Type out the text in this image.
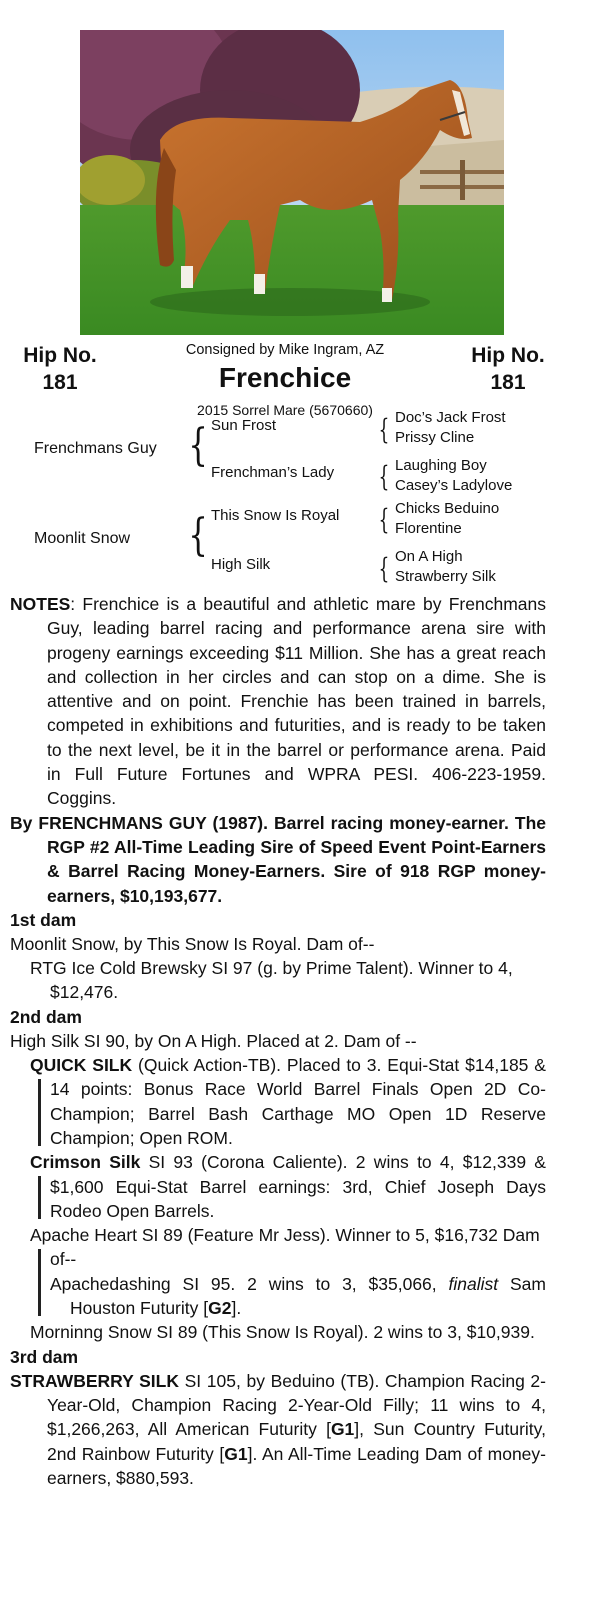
Hip No.
181
Hip No.
181
Consigned by Mike Ingram, AZ
Frenchice
2015 Sorrel Mare (5670660)
Frenchmans Guy { Sun Frost
Frenchman’s Lady
Moonlit Snow { This Snow Is Royal
High Silk
{ Doc’s Jack Frost
Prissy Cline
{ Laughing Boy
Casey’s Ladylove
{ Chicks Beduino
Florentine
{ On A High
Strawberry Silk

NOTES: Frenchice is a beautiful and athletic mare by Frenchmans Guy, leading barrel racing and performance arena sire with progeny earnings exceeding $11 Million. She has a great reach and collection in her circles and can stop on a dime. She is attentive and on point. Frenchie has been trained in barrels, competed in exhibitions and futurities, and is ready to be taken to the next level, be it in the barrel or performance arena. Paid in Full Future Fortunes and WPRA PESI. 406-223-1959. Coggins.

By FRENCHMANS GUY (1987). Barrel racing money-earner. The RGP #2 All-Time Leading Sire of Speed Event Point-Earners & Barrel Racing Money-Earners. Sire of 918 RGP money-earners, $10,193,677.

1st dam
Moonlit Snow, by This Snow Is Royal. Dam of--

RTG Ice Cold Brewsky SI 97 (g. by Prime Talent). Winner to 4, $12,476.

2nd dam
High Silk SI 90, by On A High. Placed at 2. Dam of --

QUICK SILK (Quick Action-TB). Placed to 3. Equi-Stat $14,185 & 14 points: Bonus Race World Barrel Finals Open 2D Co-Champion; Barrel Bash Carthage MO Open 1D Reserve Champion; Open ROM.

Crimson Silk SI 93 (Corona Caliente). 2 wins to 4, $12,339 & $1,600 Equi-Stat Barrel earnings: 3rd, Chief Joseph Days Rodeo Open Barrels.

Apache Heart SI 89 (Feature Mr Jess). Winner to 5, $16,732 Dam of--

Apachedashing SI 95. 2 wins to 3, $35,066, finalist Sam Houston Futurity [G2].

Morninng Snow SI 89 (This Snow Is Royal). 2 wins to 3, $10,939.

3rd dam

STRAWBERRY SILK SI 105, by Beduino (TB). Champion Racing 2-Year-Old, Champion Racing 2-Year-Old Filly; 11 wins to 4, $1,266,263, All American Futurity [G1], Sun Country Futurity, 2nd Rainbow Futurity [G1]. An All-Time Leading Dam of money-earners, $880,593.
